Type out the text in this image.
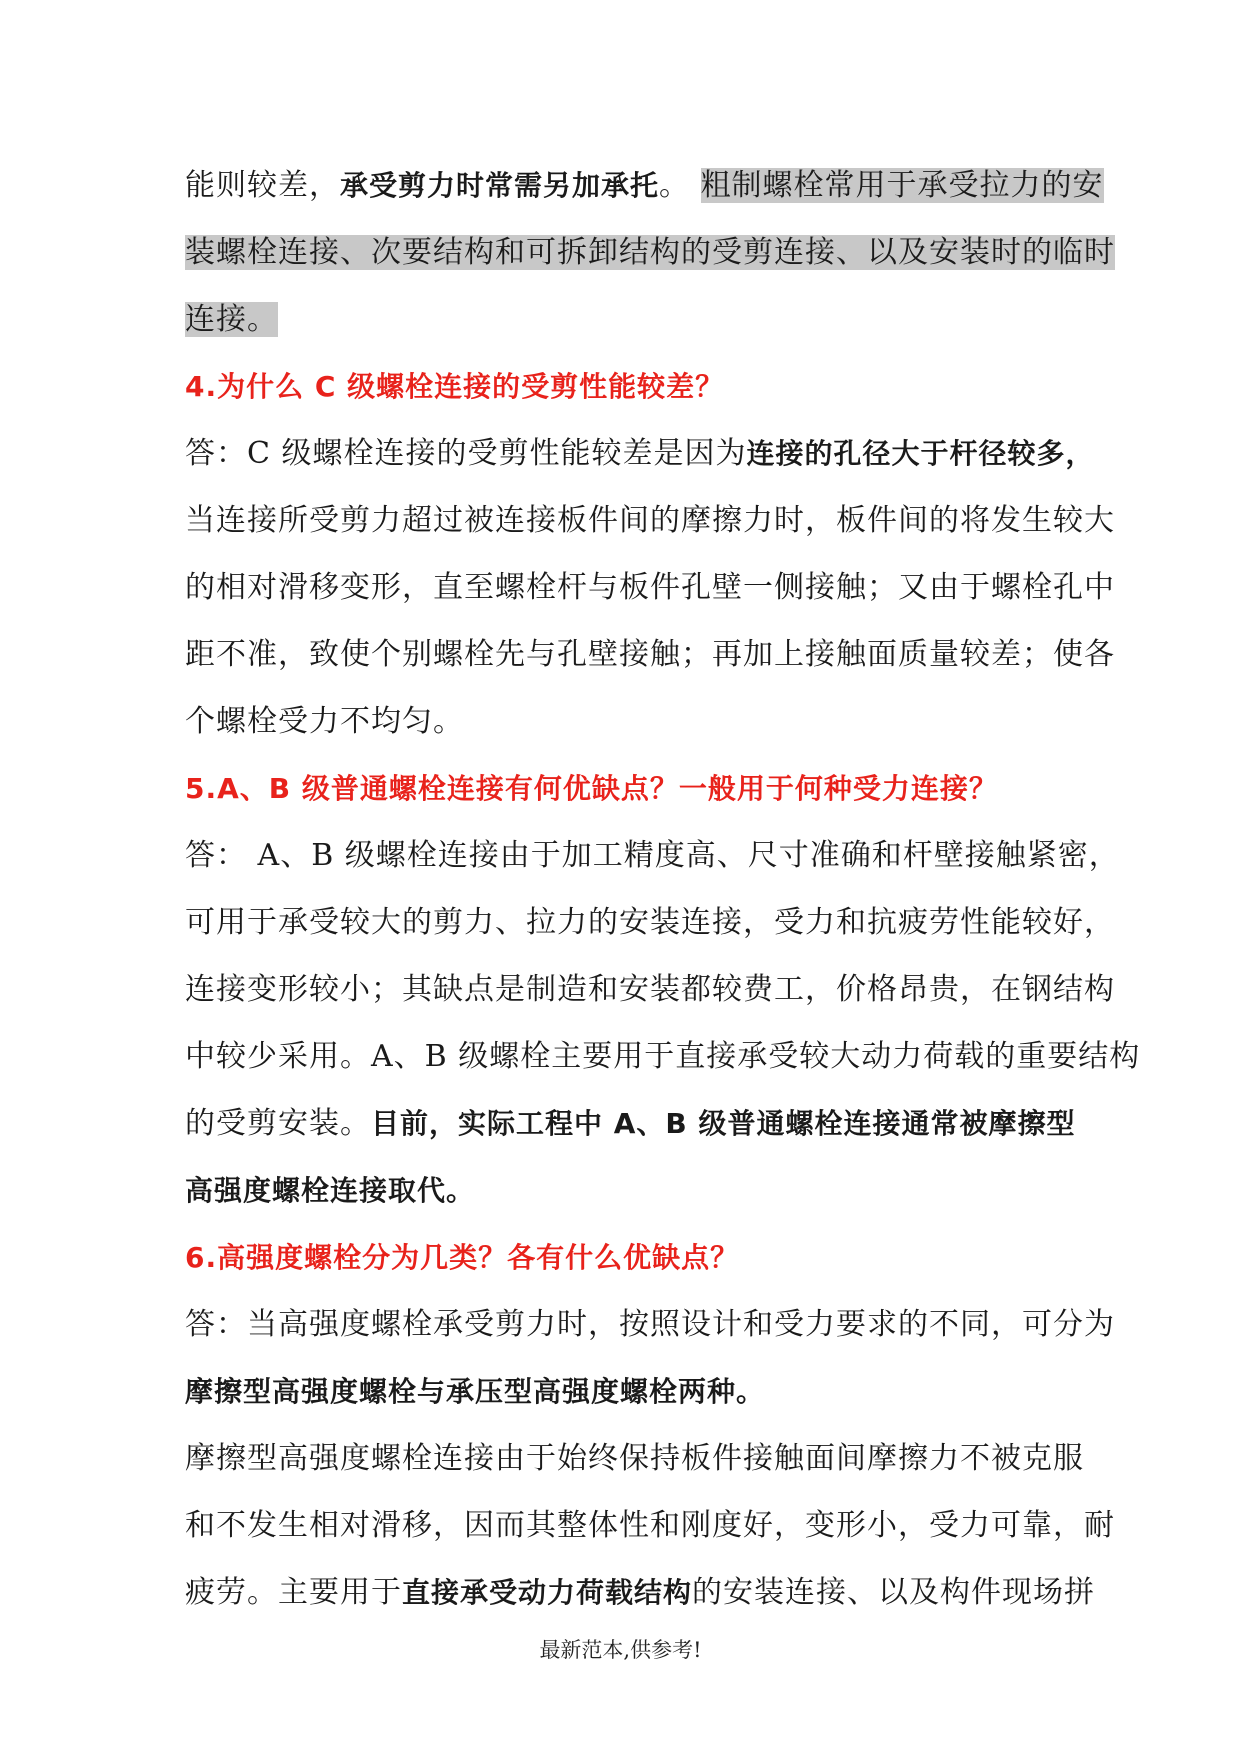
能则较差，承受剪力时常需另加承托。 粗制螺栓常用于承受拉力的安
装螺栓连接、次要结构和可拆卸结构的受剪连接、以及安装时的临时
连接。
4.为什么 C 级螺栓连接的受剪性能较差？
答：C 级螺栓连接的受剪性能较差是因为连接的孔径大于杆径较多，
当连接所受剪力超过被连接板件间的摩擦力时，板件间的将发生较大
的相对滑移变形，直至螺栓杆与板件孔壁一侧接触；又由于螺栓孔中
距不准，致使个别螺栓先与孔壁接触；再加上接触面质量较差；使各
个螺栓受力不均匀。
5.A、B 级普通螺栓连接有何优缺点？一般用于何种受力连接？
答： A、B 级螺栓连接由于加工精度高、尺寸准确和杆壁接触紧密，
可用于承受较大的剪力、拉力的安装连接，受力和抗疲劳性能较好，
连接变形较小；其缺点是制造和安装都较费工，价格昂贵，在钢结构
中较少采用。A、B 级螺栓主要用于直接承受较大动力荷载的重要结构
的受剪安装。目前，实际工程中 A、B 级普通螺栓连接通常被摩擦型
高强度螺栓连接取代。
6.高强度螺栓分为几类？各有什么优缺点？
答：当高强度螺栓承受剪力时，按照设计和受力要求的不同，可分为
摩擦型高强度螺栓与承压型高强度螺栓两种。
摩擦型高强度螺栓连接由于始终保持板件接触面间摩擦力不被克服
和不发生相对滑移，因而其整体性和刚度好，变形小，受力可靠，耐
疲劳。主要用于直接承受动力荷载结构的安装连接、以及构件现场拼
最新范本,供参考!
